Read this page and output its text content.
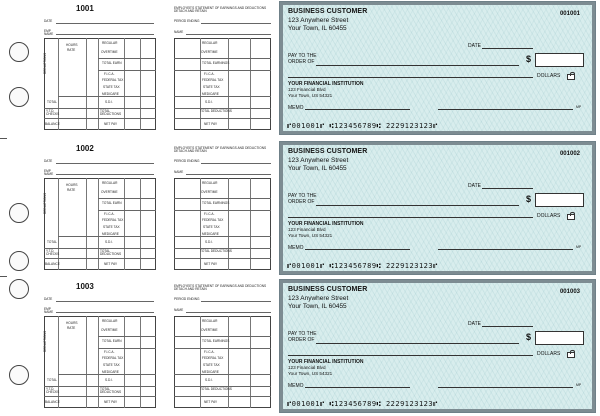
1001	EMPLOYEE'S STATEMENT OF EARNINGS AND DEDUCTIONS DETACH AND RETAIN
DATE	PERIOD ENDING
EMP NAME
NAME
HOURS
RATE
REGULAR
OVERTIME
TOTAL EARN
F.I.C.A.
FEDERAL TAX
STATE TAX
MEDICARE
S.D.I.
DEDUCTIONS
TOTAL
Y.T.D. CHECKS
TOTAL DEDUCTIONS
BALANCE	NET PAY
REGULAR
OVERTIME
TOTAL EARNINGS
F.I.C.A.
FEDERAL TAX
STATE TAX
MEDICARE
S.D.I.
TOTAL DEDUCTIONS
NET PAY
BUSINESS CUSTOMER
123 Anywhere Street
Your Town, IL 60455
001001
DATE
PAY TO THE
ORDER OF	$
DOLLARS
YOUR FINANCIAL INSTITUTION
123 Financial Blvd
Your Town, US 54321
MEMO	MP
⑈001001⑈ ⑆123456789⑆ 2229123123⑈
1002	EMPLOYEE'S STATEMENT OF EARNINGS AND DEDUCTIONS DETACH AND RETAIN
DATE	PERIOD ENDING
EMP NAME
NAME
HOURS
RATE
REGULAR
OVERTIME
TOTAL EARN
F.I.C.A.
FEDERAL TAX
STATE TAX
MEDICARE
S.D.I.
DEDUCTIONS
TOTAL
Y.T.D. CHECKS
TOTAL DEDUCTIONS
BALANCE	NET PAY
REGULAR
OVERTIME
TOTAL EARNINGS
F.I.C.A.
FEDERAL TAX
STATE TAX
MEDICARE
S.D.I.
TOTAL DEDUCTIONS
NET PAY
BUSINESS CUSTOMER
123 Anywhere Street
Your Town, IL 60455
001002
DATE
PAY TO THE
ORDER OF	$
DOLLARS
YOUR FINANCIAL INSTITUTION
123 Financial Blvd
Your Town, US 54321
MEMO	MP
⑈001001⑈ ⑆123456789⑆ 2229123123⑈
1003	EMPLOYEE'S STATEMENT OF EARNINGS AND DEDUCTIONS DETACH AND RETAIN
DATE	PERIOD ENDING
EMP NAME
NAME
HOURS
RATE
REGULAR
OVERTIME
TOTAL EARN
F.I.C.A.
FEDERAL TAX
STATE TAX
MEDICARE
S.D.I.
DEDUCTIONS
TOTAL
Y.T.D. CHECKS
TOTAL DEDUCTIONS
BALANCE	NET PAY
REGULAR
OVERTIME
TOTAL EARNINGS
F.I.C.A.
FEDERAL TAX
STATE TAX
MEDICARE
S.D.I.
TOTAL DEDUCTIONS
NET PAY
BUSINESS CUSTOMER
123 Anywhere Street
Your Town, IL 60455
001003
DATE
PAY TO THE
ORDER OF	$
DOLLARS
YOUR FINANCIAL INSTITUTION
123 Financial Blvd
Your Town, US 54321
MEMO	MP
⑈001001⑈ ⑆123456789⑆ 2229123123⑈
